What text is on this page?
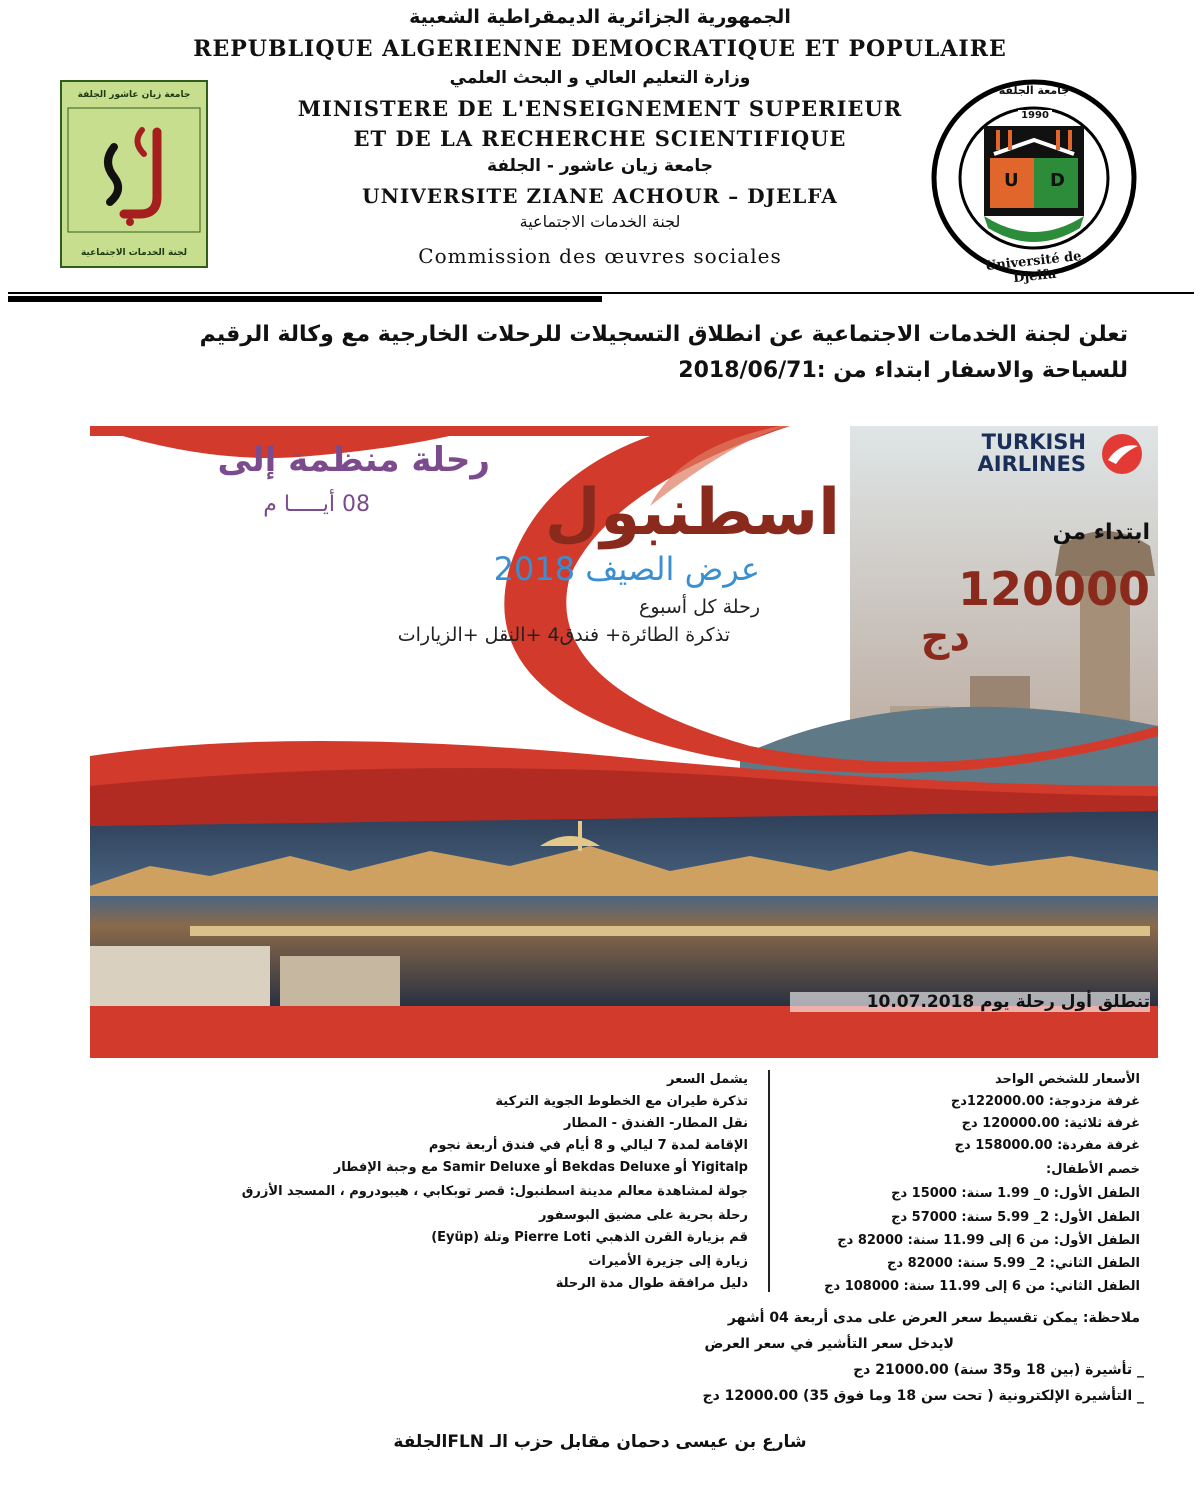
الجمهورية الجزائرية الديمقراطية الشعبية
REPUBLIQUE ALGERIENNE DEMOCRATIQUE ET POPULAIRE
وزارة التعليم العالي و البحث العلمي
MINISTERE DE L'ENSEIGNEMENT SUPERIEUR
ET DE LA RECHERCHE SCIENTIFIQUE
جامعة زيان عاشور - الجلفة
UNIVERSITE ZIANE ACHOUR – DJELFA
لجنة الخدمات الاجتماعية
Commission des œuvres sociales
جامعة زيان عاشور الجلفة
لجنة الخدمات الاجتماعية
1990
U D
Université de Djelfa
جامعة الجلفة
تعلن لجنة الخدمات الاجتماعية عن انطلاق التسجيلات للرحلات الخارجية مع وكالة الرقيم
للسياحة والاسفار ابتداء من :2018/06/71
TURKISH
AIRLINES
رحلة منظمة إلى
08 أيـــــا م	اسطنبول
عرض الصيف 2018
رحلة كل أسبوع
تذكرة الطائرة+ فندق4 +النقل +الزيارات
ابتداء من
120000
دج
تنطلق أول رحلة يوم 10.07.2018
الأسعار للشخص الواحد
غرفة مزدوجة: 122000.00دج
غرفة ثلاثية: 120000.00 دج
غرفة مفردة: 158000.00 دج
خصم الأطفال:
الطفل الأول: 0_ 1.99 سنة: 15000 دج
الطفل الأول: 2_ 5.99 سنة: 57000 دج
الطفل الأول: من 6 إلى 11.99 سنة: 82000 دج
الطفل الثاني: 2_ 5.99 سنة: 82000 دج
الطفل الثاني: من 6 إلى 11.99 سنة: 108000 دج
يشمل السعر
تذكرة طيران مع الخطوط الجوية التركية
نقل المطار- الفندق - المطار
الإقامة لمدة 7 ليالي و 8 أيام في فندق أربعة نجوم
Yigitalp أو Bekdas Deluxe أو Samir Deluxe مع وجبة الإفطار
جولة لمشاهدة معالم مدينة اسطنبول: قصر توبكابي ، هيبودروم ، المسجد الأزرق
رحلة بحرية على مضيق البوسفور
قم بزيارة القرن الذهبي Pierre Loti وتلة (Eyüp)
زيارة إلى جزيرة الأميرات
دليل مرافقة طوال مدة الرحلة
ملاحظة: يمكن تقسيط سعر العرض على مدى أربعة 04 أشهر
لايدخل سعر التأشير في سعر العرض
_ تأشيرة (بين 18 و35 سنة) 21000.00 دج
_ التأشيرة الإلكترونية ( تحت سن 18 وما فوق 35) 12000.00 دج
شارع بن عيسى دحمان مقابل حزب الـ FLNالجلفة
